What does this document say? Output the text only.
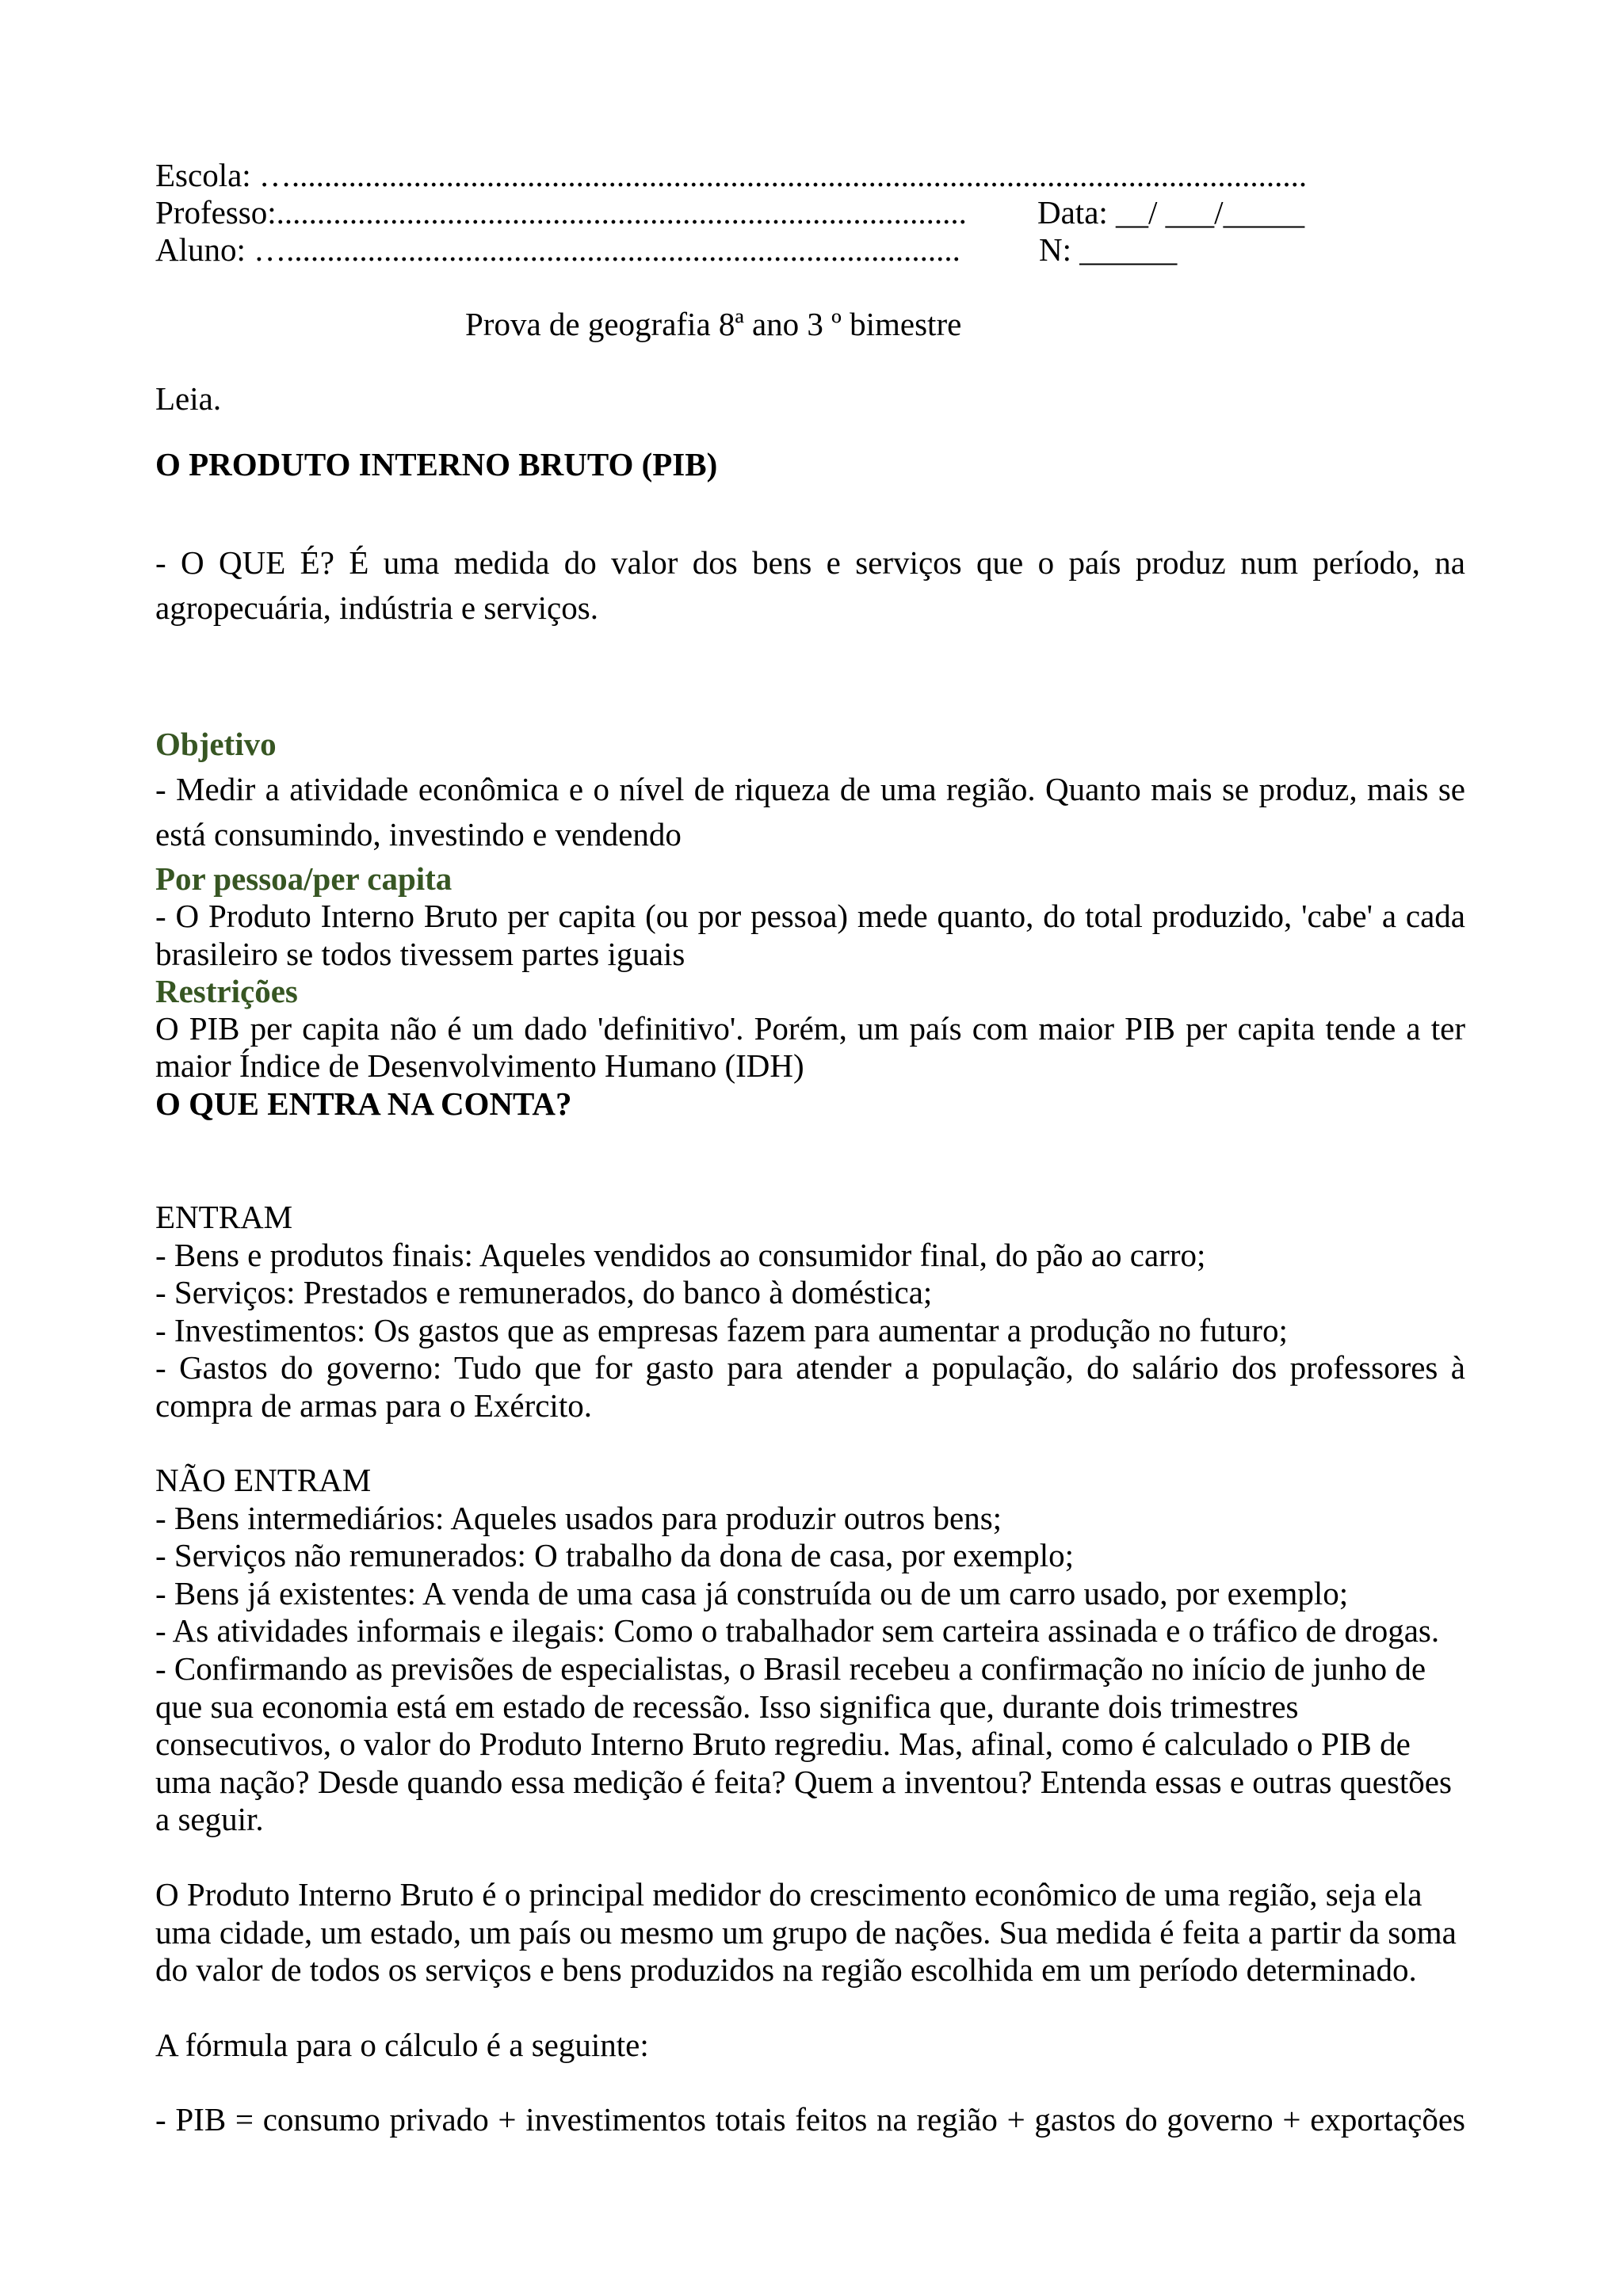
Escola: ….............................................................................................................................
Professo:..................................................................................... Data: __/ ___/_____
Aluno: …................................................................................... N: ______
Prova de geografia 8ª ano 3 º bimestre
Leia.
O PRODUTO INTERNO BRUTO (PIB)
- O QUE É? É uma medida do valor dos bens e serviços que o país produz num período, na
agropecuária, indústria e serviços.
Objetivo
- Medir a atividade econômica e o nível de riqueza de uma região. Quanto mais se produz, mais se
está consumindo, investindo e vendendo
Por pessoa/per capita
- O Produto Interno Bruto per capita (ou por pessoa) mede quanto, do total produzido, 'cabe' a cada
brasileiro se todos tivessem partes iguais
Restrições
O PIB per capita não é um dado 'definitivo'. Porém, um país com maior PIB per capita tende a ter
maior Índice de Desenvolvimento Humano (IDH)
O QUE ENTRA NA CONTA?
ENTRAM
- Bens e produtos finais: Aqueles vendidos ao consumidor final, do pão ao carro;
- Serviços: Prestados e remunerados, do banco à doméstica;
- Investimentos: Os gastos que as empresas fazem para aumentar a produção no futuro;
- Gastos do governo: Tudo que for gasto para atender a população, do salário dos professores à
compra de armas para o Exército.
NÃO ENTRAM
- Bens intermediários: Aqueles usados para produzir outros bens;
- Serviços não remunerados: O trabalho da dona de casa, por exemplo;
- Bens já existentes: A venda de uma casa já construída ou de um carro usado, por exemplo;
- As atividades informais e ilegais: Como o trabalhador sem carteira assinada e o tráfico de drogas.
- Confirmando as previsões de especialistas, o Brasil recebeu a confirmação no início de junho de
que sua economia está em estado de recessão. Isso significa que, durante dois trimestres
consecutivos, o valor do Produto Interno Bruto regrediu. Mas, afinal, como é calculado o PIB de
uma nação? Desde quando essa medição é feita? Quem a inventou? Entenda essas e outras questões
a seguir.
O Produto Interno Bruto é o principal medidor do crescimento econômico de uma região, seja ela
uma cidade, um estado, um país ou mesmo um grupo de nações. Sua medida é feita a partir da soma
do valor de todos os serviços e bens produzidos na região escolhida em um período determinado.
A fórmula para o cálculo é a seguinte:
- PIB = consumo privado + investimentos totais feitos na região + gastos do governo + exportações
